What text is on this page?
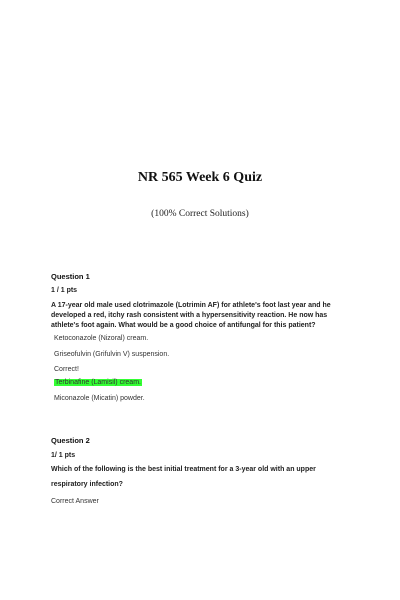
NR 565 Week 6 Quiz
(100% Correct Solutions)
Question 1
1 / 1 pts
A 17-year old male used clotrimazole (Lotrimin AF) for athlete's foot last year and he developed a red, itchy rash consistent with a hypersensitivity reaction. He now has athlete's foot again. What would be a good choice of antifungal for this patient?
Ketoconazole (Nizoral) cream.
Griseofulvin (Grifulvin V) suspension.
Correct!
Terbinafine (Lamisil) cream.
Miconazole (Micatin) powder.
Question 2
1/ 1 pts
Which of the following is the best initial treatment for a 3-year old with an upper
respiratory infection?
Correct Answer
